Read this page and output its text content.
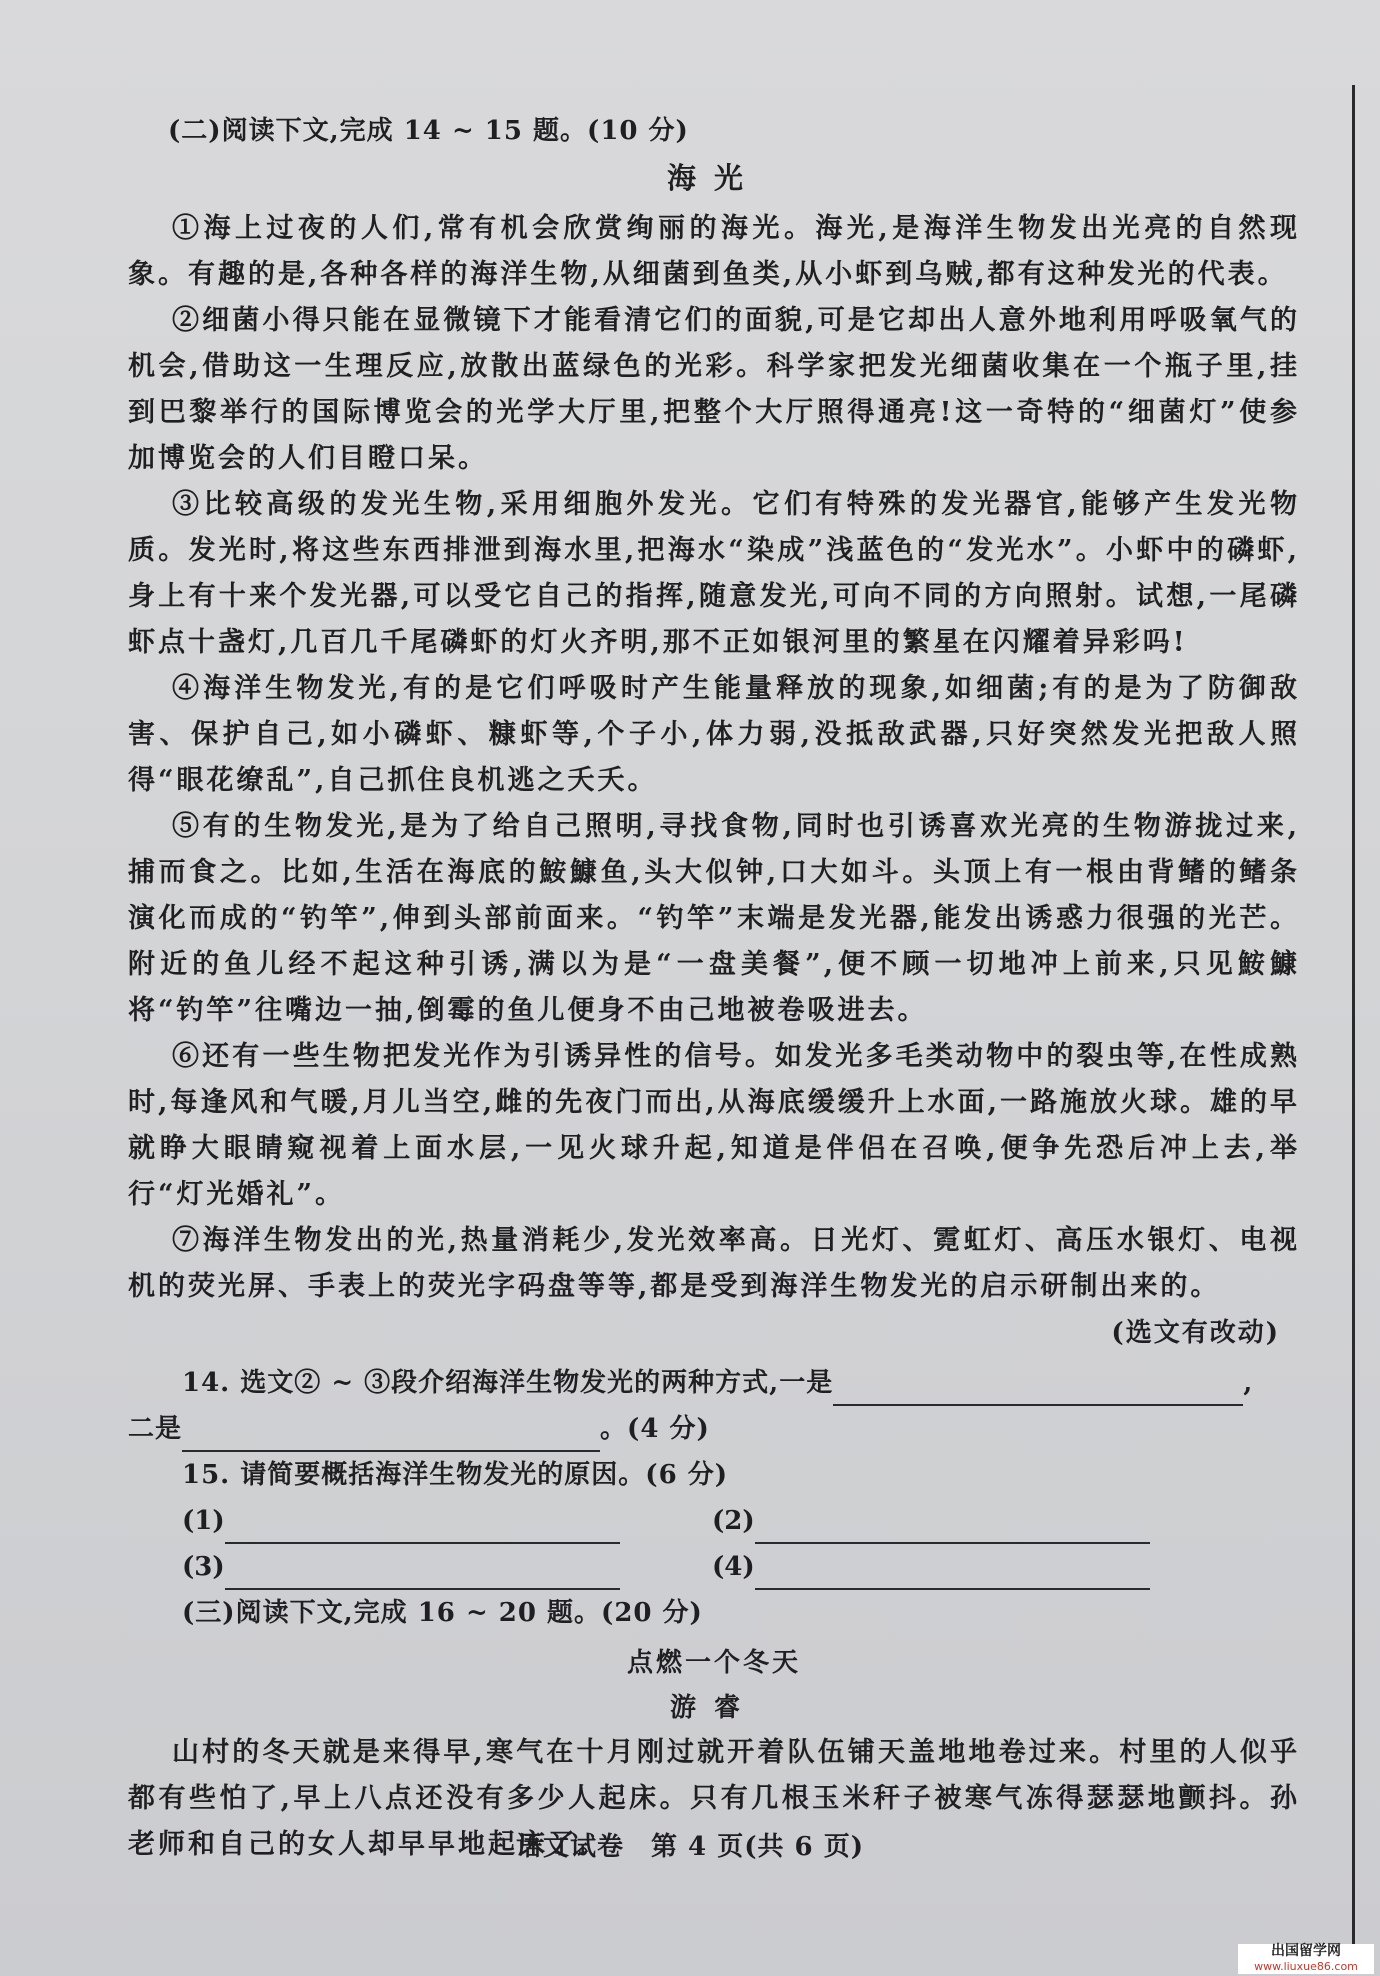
(二)阅读下文,完成 14 ~ 15 题。(10 分)

海光

①海上过夜的人们,常有机会欣赏绚丽的海光。海光,是海洋生物发出光亮的自然现象。有趣的是,各种各样的海洋生物,从细菌到鱼类,从小虾到乌贼,都有这种发光的代表。

②细菌小得只能在显微镜下才能看清它们的面貌,可是它却出人意外地利用呼吸氧气的机会,借助这一生理反应,放散出蓝绿色的光彩。科学家把发光细菌收集在一个瓶子里,挂到巴黎举行的国际博览会的光学大厅里,把整个大厅照得通亮!这一奇特的“细菌灯”使参加博览会的人们目瞪口呆。

③比较高级的发光生物,采用细胞外发光。它们有特殊的发光器官,能够产生发光物质。发光时,将这些东西排泄到海水里,把海水“染成”浅蓝色的“发光水”。小虾中的磷虾,身上有十来个发光器,可以受它自己的指挥,随意发光,可向不同的方向照射。试想,一尾磷虾点十盏灯,几百几千尾磷虾的灯火齐明,那不正如银河里的繁星在闪耀着异彩吗!

④海洋生物发光,有的是它们呼吸时产生能量释放的现象,如细菌;有的是为了防御敌害、保护自己,如小磷虾、糠虾等,个子小,体力弱,没抵敌武器,只好突然发光把敌人照得“眼花缭乱”,自己抓住良机逃之夭夭。

⑤有的生物发光,是为了给自己照明,寻找食物,同时也引诱喜欢光亮的生物游拢过来,捕而食之。比如,生活在海底的鮟鱇鱼,头大似钟,口大如斗。头顶上有一根由背鳍的鳍条演化而成的“钓竿”,伸到头部前面来。“钓竿”末端是发光器,能发出诱惑力很强的光芒。附近的鱼儿经不起这种引诱,满以为是“一盘美餐”,便不顾一切地冲上前来,只见鮟鱇将“钓竿”往嘴边一抽,倒霉的鱼儿便身不由己地被卷吸进去。

⑥还有一些生物把发光作为引诱异性的信号。如发光多毛类动物中的裂虫等,在性成熟时,每逢风和气暖,月儿当空,雌的先夜门而出,从海底缓缓升上水面,一路施放火球。雄的早就睁大眼睛窥视着上面水层,一见火球升起,知道是伴侣在召唤,便争先恐后冲上去,举行“灯光婚礼”。

⑦海洋生物发出的光,热量消耗少,发光效率高。日光灯、霓虹灯、高压水银灯、电视机的荧光屏、手表上的荧光字码盘等等,都是受到海洋生物发光的启示研制出来的。

(选文有改动)

14. 选文② ~ ③段介绍海洋生物发光的两种方式,一是	,

二是	。(4 分)

15. 请简要概括海洋生物发光的原因。(6 分)

(1)	(2)
(3)	(4)

(三)阅读下文,完成 16 ~ 20 题。(20 分)

点燃一个冬天

游睿

山村的冬天就是来得早,寒气在十月刚过就开着队伍铺天盖地地卷过来。村里的人似乎都有些怕了,早上八点还没有多少人起床。只有几根玉米秆子被寒气冻得瑟瑟地颤抖。孙老师和自己的女人却早早地起床了。

语文试卷　第 4 页(共 6 页)
出国留学网
www.liuxue86.com
